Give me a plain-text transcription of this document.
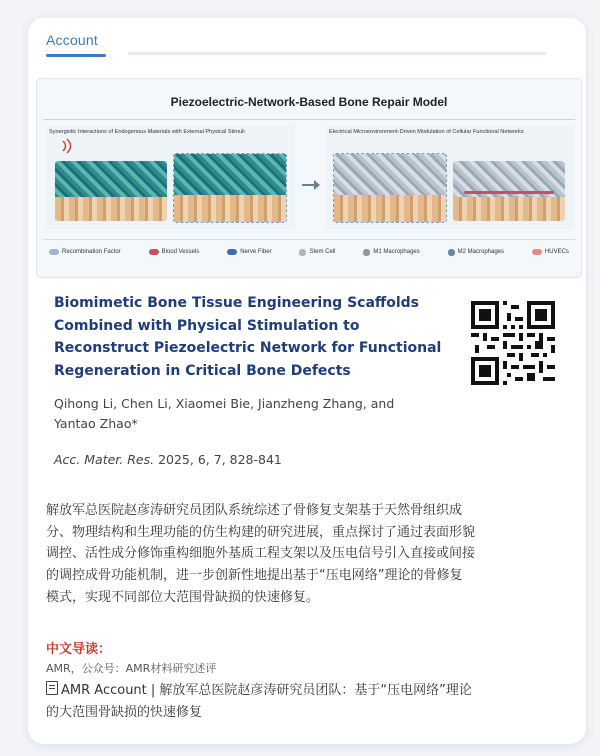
Account
Piezoelectric-Network-Based Bone Repair Model
Synergistic Interactions of Endogenous Materials with External Physical Stimuli	Electrical Microenvironment-Driven Modulation of Cellular Functional Networks
Recombination Factor	Blood Vessels	Nerve Fiber	Stem Cell	M1 Macrophages	M2 Macrophages	HUVECs
Biomimetic Bone Tissue Engineering Scaffolds
Combined with Physical Stimulation to
Reconstruct Piezoelectric Network for Functional
Regeneration in Critical Bone Defects
Qihong Li, Chen Li, Xiaomei Bie, Jianzheng Zhang, and Yantao Zhao*
Acc. Mater. Res. 2025, 6, 7, 828-841
解放军总医院赵彦涛研究员团队系统综述了骨修复支架基于天然骨组织成
分、物理结构和生理功能的仿生构建的研究进展，重点探讨了通过表面形貌
调控、活性成分修饰重构细胞外基质工程支架以及压电信号引入直接或间接
的调控成骨功能机制，进一步创新性地提出基于“压电网络”理论的骨修复
模式，实现不同部位大范围骨缺损的快速修复。
中文导读：
AMR，公众号：AMR材料研究述评
AMR Account | 解放军总医院赵彦涛研究员团队：基于“压电网络”理论
的大范围骨缺损的快速修复
